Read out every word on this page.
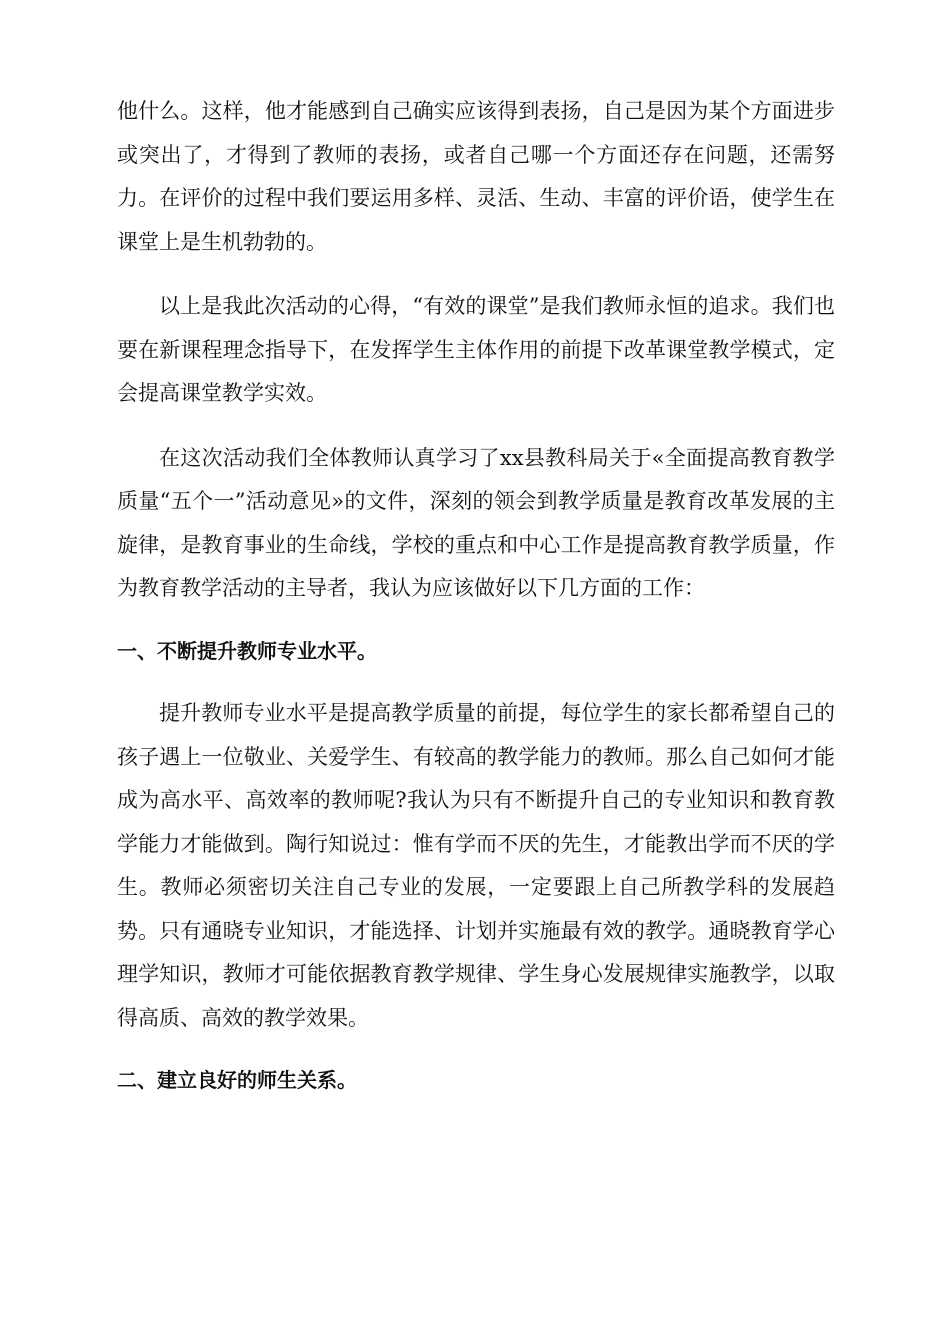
他什么。这样，他才能感到自己确实应该得到表扬，自己是因为某个方面进步或突出了，才得到了教师的表扬，或者自己哪一个方面还存在问题，还需努力。在评价的过程中我们要运用多样、灵活、生动、丰富的评价语，使学生在课堂上是生机勃勃的。

以上是我此次活动的心得，“有效的课堂”是我们教师永恒的追求。我们也要在新课程理念指导下，在发挥学生主体作用的前提下改革课堂教学模式，定会提高课堂教学实效。

在这次活动我们全体教师认真学习了xx县教科局关于«全面提高教育教学质量“五个一”活动意见»的文件，深刻的领会到教学质量是教育改革发展的主旋律，是教育事业的生命线，学校的重点和中心工作是提高教育教学质量，作为教育教学活动的主导者，我认为应该做好以下几方面的工作：

一、不断提升教师专业水平。

提升教师专业水平是提高教学质量的前提，每位学生的家长都希望自己的孩子遇上一位敬业、关爱学生、有较高的教学能力的教师。那么自己如何才能成为高水平、高效率的教师呢?我认为只有不断提升自己的专业知识和教育教学能力才能做到。陶行知说过：惟有学而不厌的先生，才能教出学而不厌的学生。教师必须密切关注自己专业的发展，一定要跟上自己所教学科的发展趋势。只有通晓专业知识，才能选择、计划并实施最有效的教学。通晓教育学心理学知识，教师才可能依据教育教学规律、学生身心发展规律实施教学，以取得高质、高效的教学效果。

二、建立良好的师生关系。
